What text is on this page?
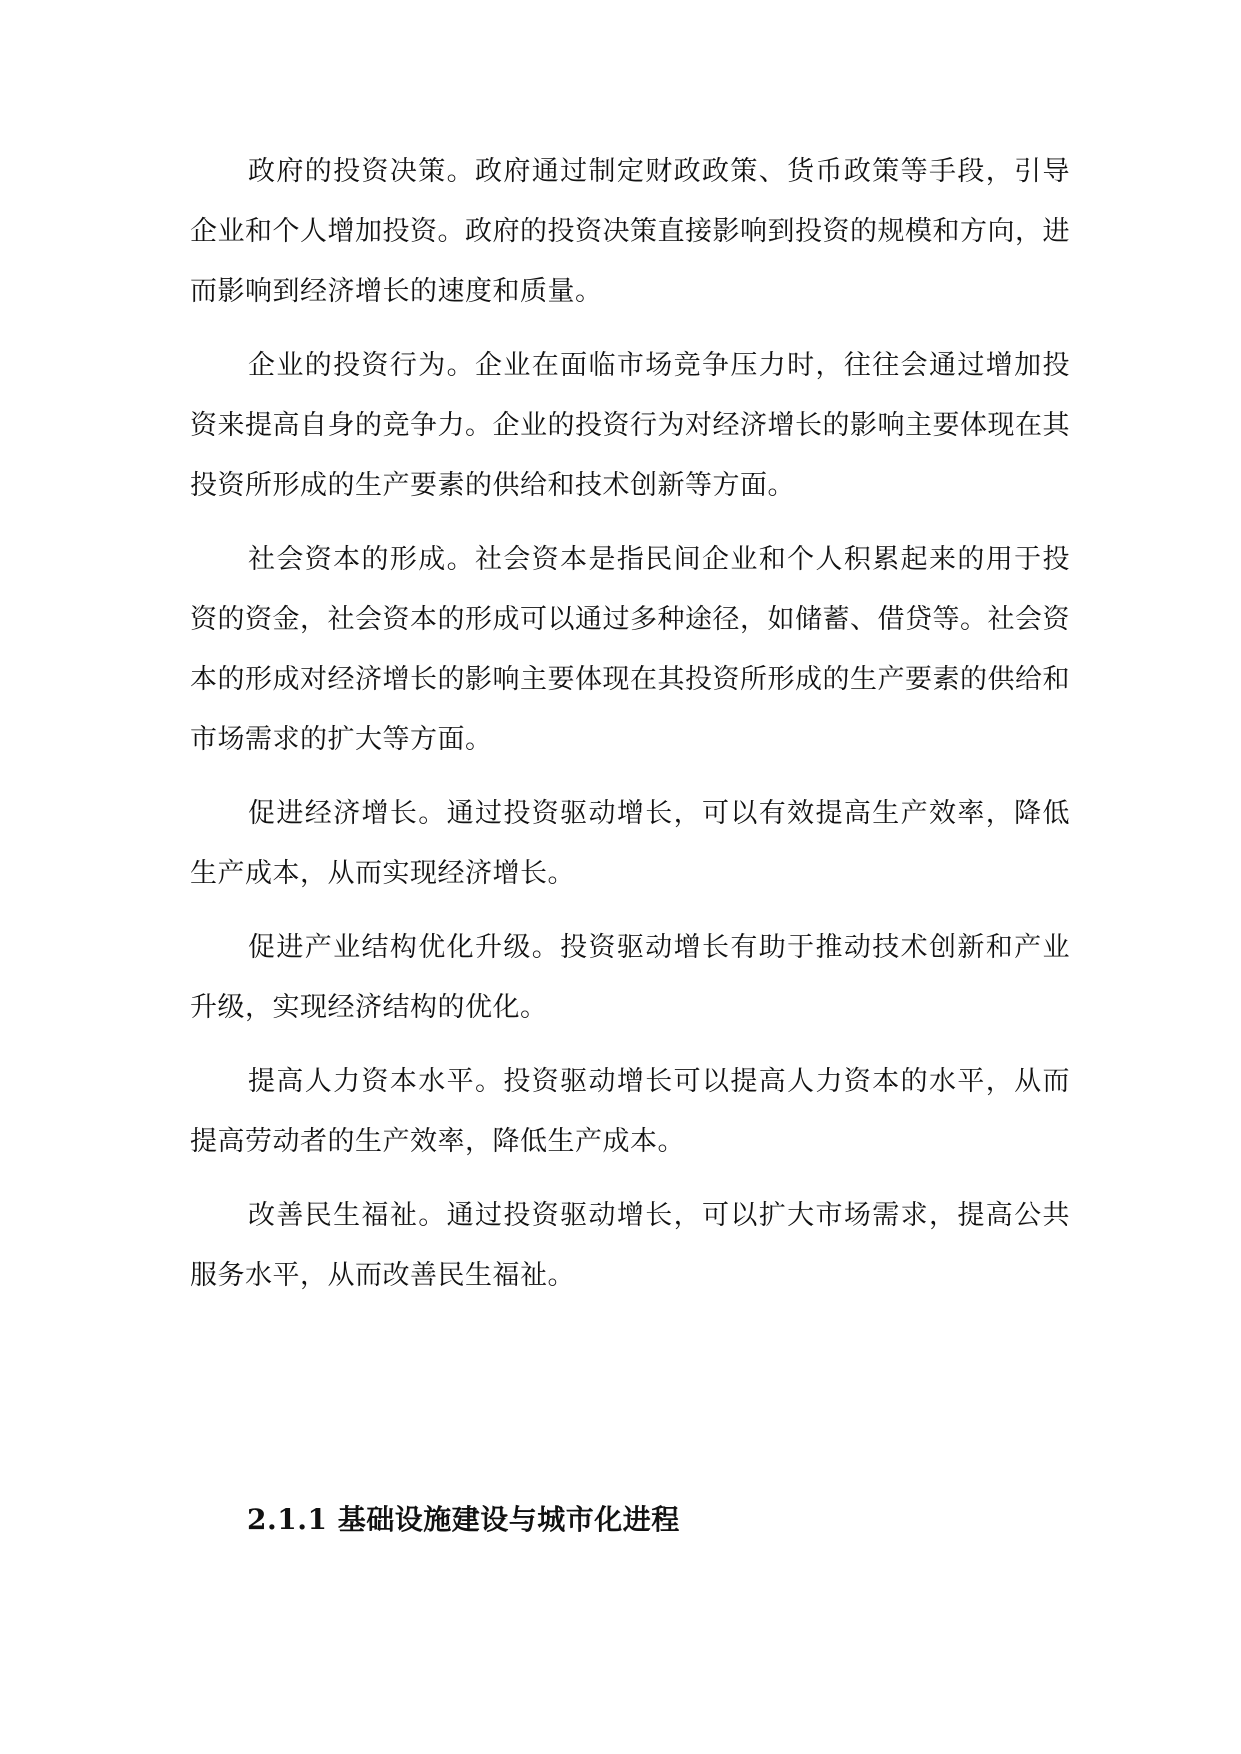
政府的投资决策。政府通过制定财政政策、货币政策等手段，引导企业和个人增加投资。政府的投资决策直接影响到投资的规模和方向，进而影响到经济增长的速度和质量。

企业的投资行为。企业在面临市场竞争压力时，往往会通过增加投资来提高自身的竞争力。企业的投资行为对经济增长的影响主要体现在其投资所形成的生产要素的供给和技术创新等方面。

社会资本的形成。社会资本是指民间企业和个人积累起来的用于投资的资金，社会资本的形成可以通过多种途径，如储蓄、借贷等。社会资本的形成对经济增长的影响主要体现在其投资所形成的生产要素的供给和市场需求的扩大等方面。

促进经济增长。通过投资驱动增长，可以有效提高生产效率，降低生产成本，从而实现经济增长。

促进产业结构优化升级。投资驱动增长有助于推动技术创新和产业升级，实现经济结构的优化。

提高人力资本水平。投资驱动增长可以提高人力资本的水平，从而提高劳动者的生产效率，降低生产成本。

改善民生福祉。通过投资驱动增长，可以扩大市场需求，提高公共服务水平，从而改善民生福祉。

2.1.1 基础设施建设与城市化进程
